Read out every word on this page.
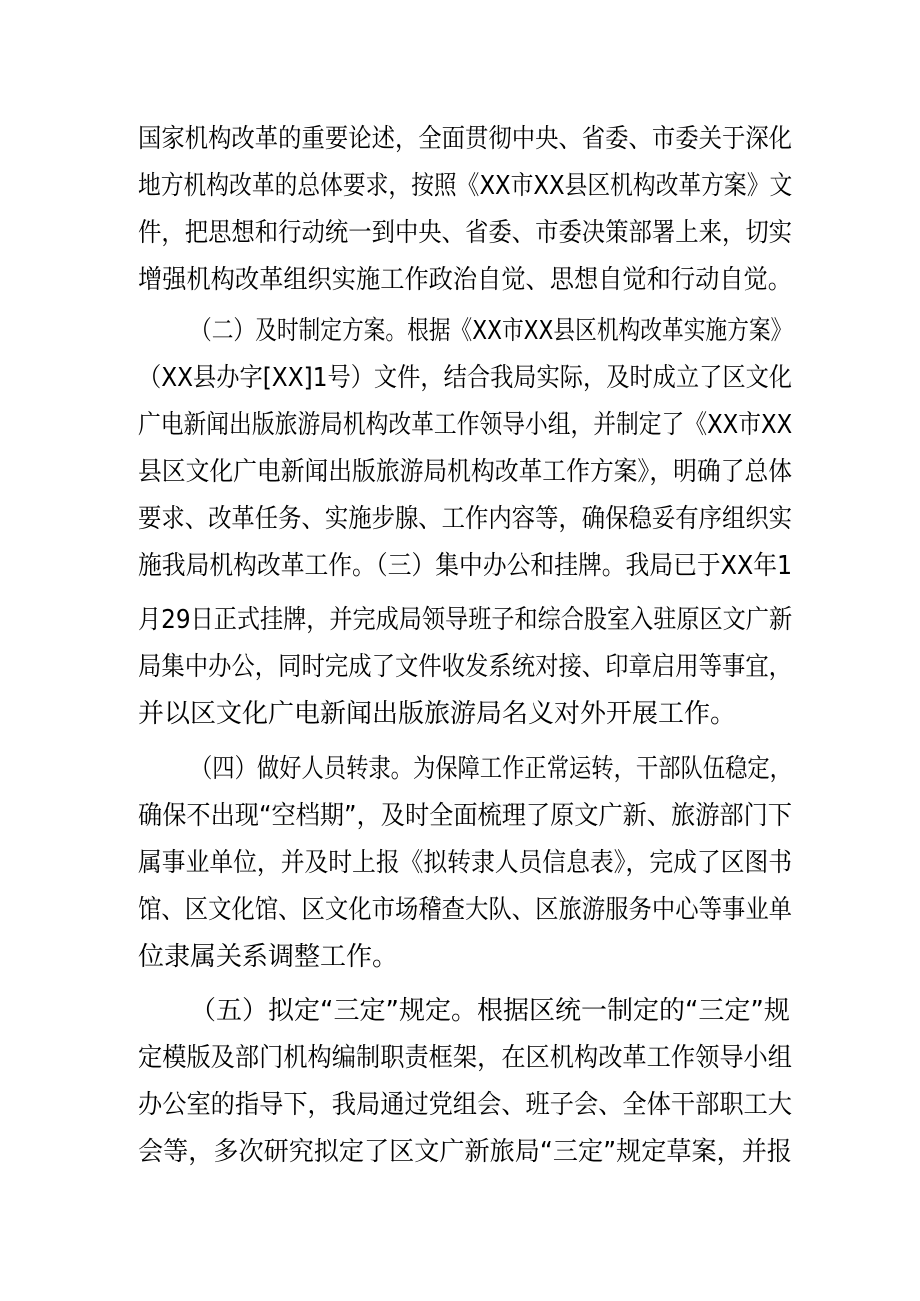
国家机构改革的重要论述，全面贯彻中央、省委、市委关于深化
地方机构改革的总体要求，按照《XX市XX县区机构改革方案》文
件，把思想和行动统一到中央、省委、市委决策部署上来，切实
增强机构改革组织实施工作政治自觉、思想自觉和行动自觉。
（二）及时制定方案。根据《XX市XX县区机构改革实施方案》
（XX县办字[XX]1号）文件，结合我局实际，及时成立了区文化
广电新闻出版旅游局机构改革工作领导小组，并制定了《XX市XX
县区文化广电新闻出版旅游局机构改革工作方案》，明确了总体
要求、改革任务、实施步腺、工作内容等，确保稳妥有序组织实
施我局机构改革工作。（三）集中办公和挂牌。我局已于XX年1
月29日正式挂牌，并完成局领导班子和综合股室入驻原区文广新
局集中办公，同时完成了文件收发系统对接、印章启用等事宜，
并以区文化广电新闻出版旅游局名义对外开展工作。
（四）做好人员转隶。为保障工作正常运转，干部队伍稳定，
确保不出现“空档期”，及时全面梳理了原文广新、旅游部门下
属事业单位，并及时上报《拟转隶人员信息表》，完成了区图书
馆、区文化馆、区文化市场稽查大队、区旅游服务中心等事业单
位隶属关系调整工作。
（五）拟定“三定”规定。根据区统一制定的“三定”规
定模版及部门机构编制职责框架，在区机构改革工作领导小组
办公室的指导下，我局通过党组会、班子会、全体干部职工大
会等，多次研究拟定了区文广新旅局“三定”规定草案，并报
